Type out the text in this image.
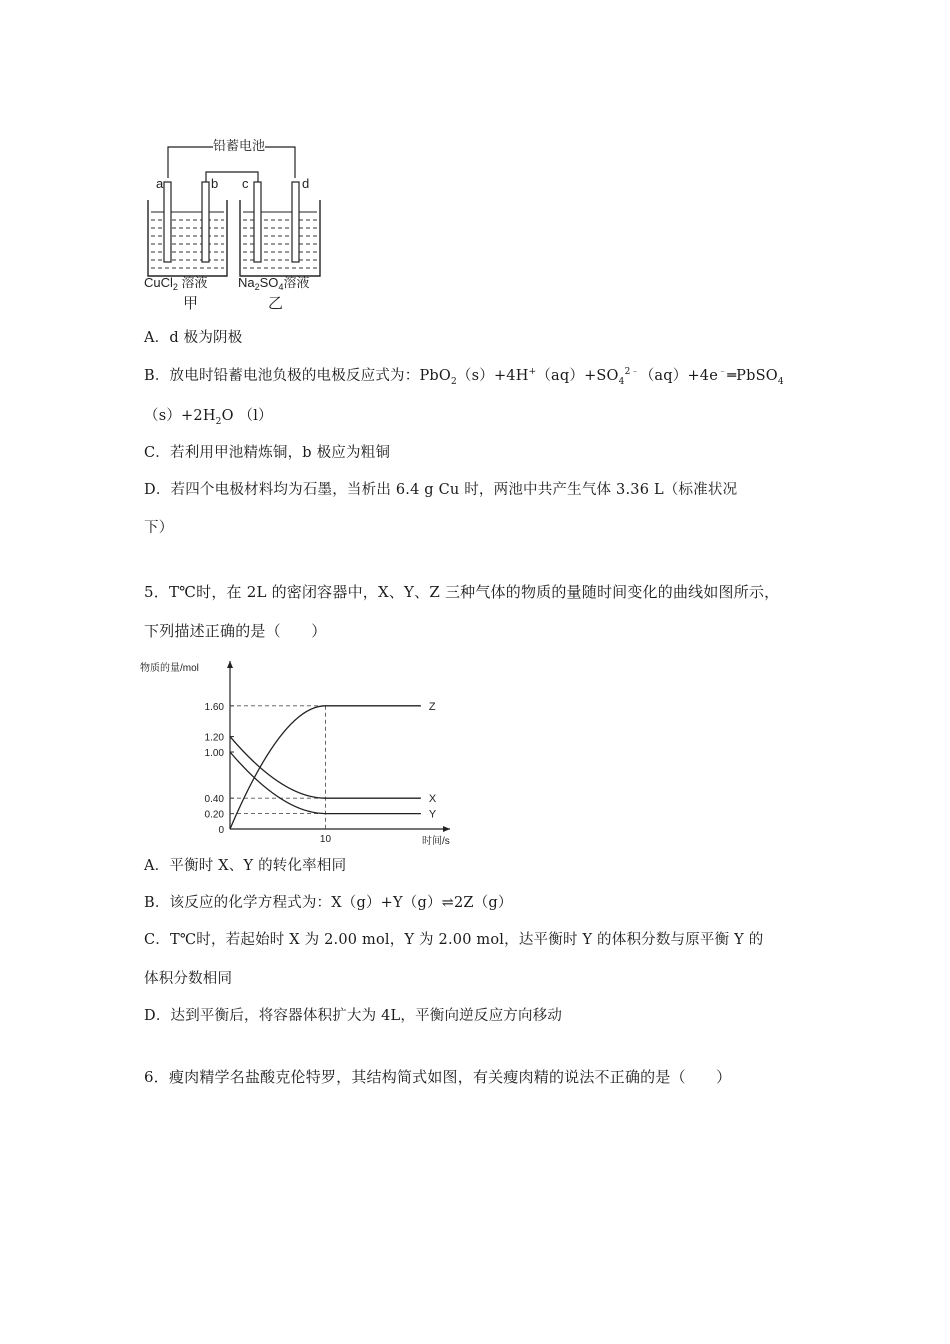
铅蓄电池
a	b c	d
CuCl$_2$ 溶液 $Na_2SO_4$溶液
甲	乙
A．d 极为阴极
B．放电时铅蓄电池负极的电极反应式为：$PbO_2(s)+4H^+(aq)+SO_4^{2﹣}(aq)+4e^﹣═PbSO_4$
$(s)+2H_2O$ （l）
C．若利用甲池精炼铜，b 极应为粗铜
D．若四个电极材料均为石墨，当析出 6.4 g Cu 时，两池中共产生气体 3.36 L（标准状况
下）
5．T℃时，在 2L 的密闭容器中，X、Y、Z 三种气体的物质的量随时间变化的曲线如图所示，
下列描述正确的是（　　）
物质的量/mol
时间/s
0
0.20
0.40
1.00
1.20
1.60
10
Z
X
Y
A．平衡时 X、Y 的转化率相同
B．该反应的化学方程式为：X（g）+Y（g）⇌2Z（g）
C．T℃时，若起始时 X 为 2.00 mol，Y 为 2.00 mol，达平衡时 Y 的体积分数与原平衡 Y 的
体积分数相同
D．达到平衡后，将容器体积扩大为 4L，平衡向逆反应方向移动
6．瘦肉精学名盐酸克伦特罗，其结构简式如图，有关瘦肉精的说法不正确的是（　　）
